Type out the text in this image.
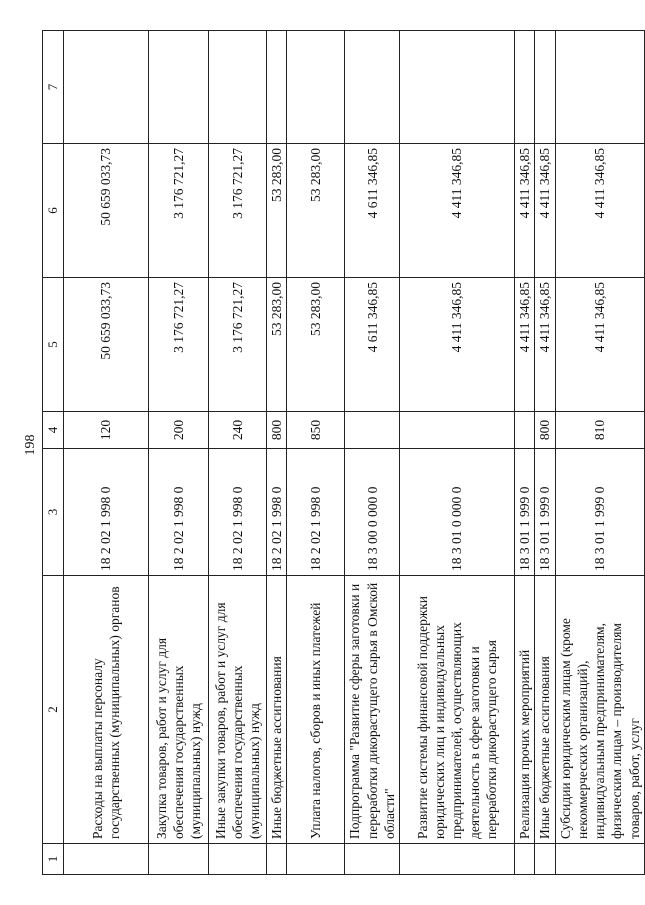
198
1	2	3	4	5	6	7
	Расходы на выплаты персоналу государственных (муниципальных) органов	18 2 02 1 998 0	120	50 659 033,73	50 659 033,73	
	Закупка товаров, работ и услуг для обеспечения государственных (муниципальных) нужд	18 2 02 1 998 0	200	3 176 721,27	3 176 721,27	
	Иные закупки товаров, работ и услуг для обеспечения государственных (муниципальных) нужд	18 2 02 1 998 0	240	3 176 721,27	3 176 721,27	
	Иные бюджетные ассигнования	18 2 02 1 998 0	800	53 283,00	53 283,00	
	Уплата налогов, сборов и иных платежей	18 2 02 1 998 0	850	53 283,00	53 283,00	
	Подпрограмма "Развитие сферы заготовки и переработки дикорастущего сырья в Омской области"	18 3 00 0 000 0		4 611 346,85	4 611 346,85	
	Развитие системы финансовой поддержки юридических лиц и индивидуальных предпринимателей, осуществляющих деятельность в сфере заготовки и переработки дикорастущего сырья	18 3 01 0 000 0		4 411 346,85	4 411 346,85	
	Реализация прочих мероприятий	18 3 01 1 999 0		4 411 346,85	4 411 346,85	
	Иные бюджетные ассигнования	18 3 01 1 999 0	800	4 411 346,85	4 411 346,85	
	Субсидии юридическим лицам (кроме некоммерческих организаций), индивидуальным предпринимателям, физическим лицам – производителям товаров, работ, услуг	18 3 01 1 999 0	810	4 411 346,85	4 411 346,85	
